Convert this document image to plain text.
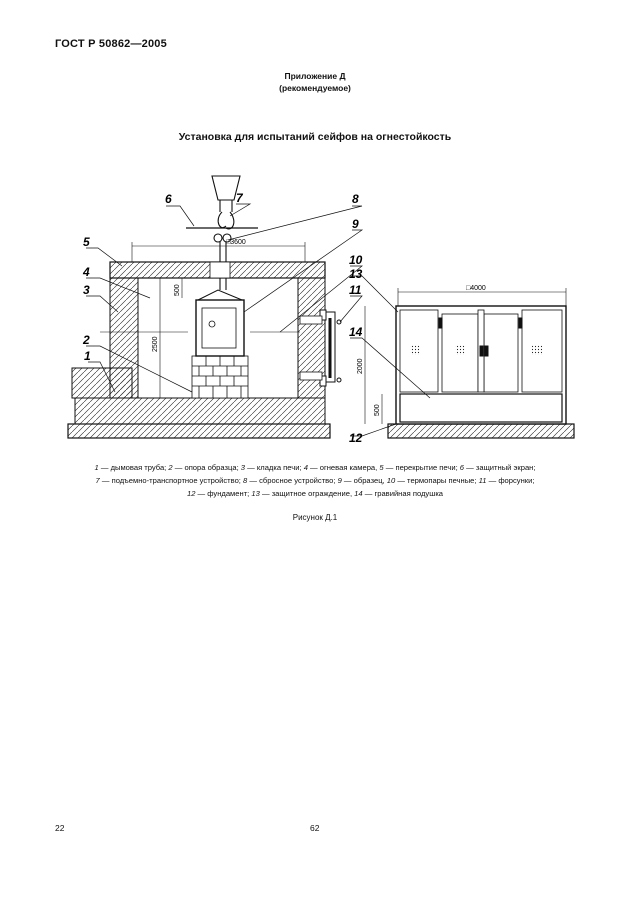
ГОСТ Р 50862—2005
Приложение Д
(рекомендуемое)
Установка для испытаний сейфов на огнестойкость
□3600
□4000
500
2500
2000
500
1
2
3
4
5
6	7	8
9
10
11
13
14
12
1 — дымовая труба; 2 — опора образца; 3 — кладка печи; 4 — огневая камера, 5 — перекрытие печи; 6 — защитный экран;
7 — подъемно-транспортное устройство; 8 — сбросное устройство; 9 — образец, 10 — термопары печные; 11 — форсунки;
12 — фундамент; 13 — защитное ограждение, 14 — гравийная подушка
Рисунок Д.1
22	62
